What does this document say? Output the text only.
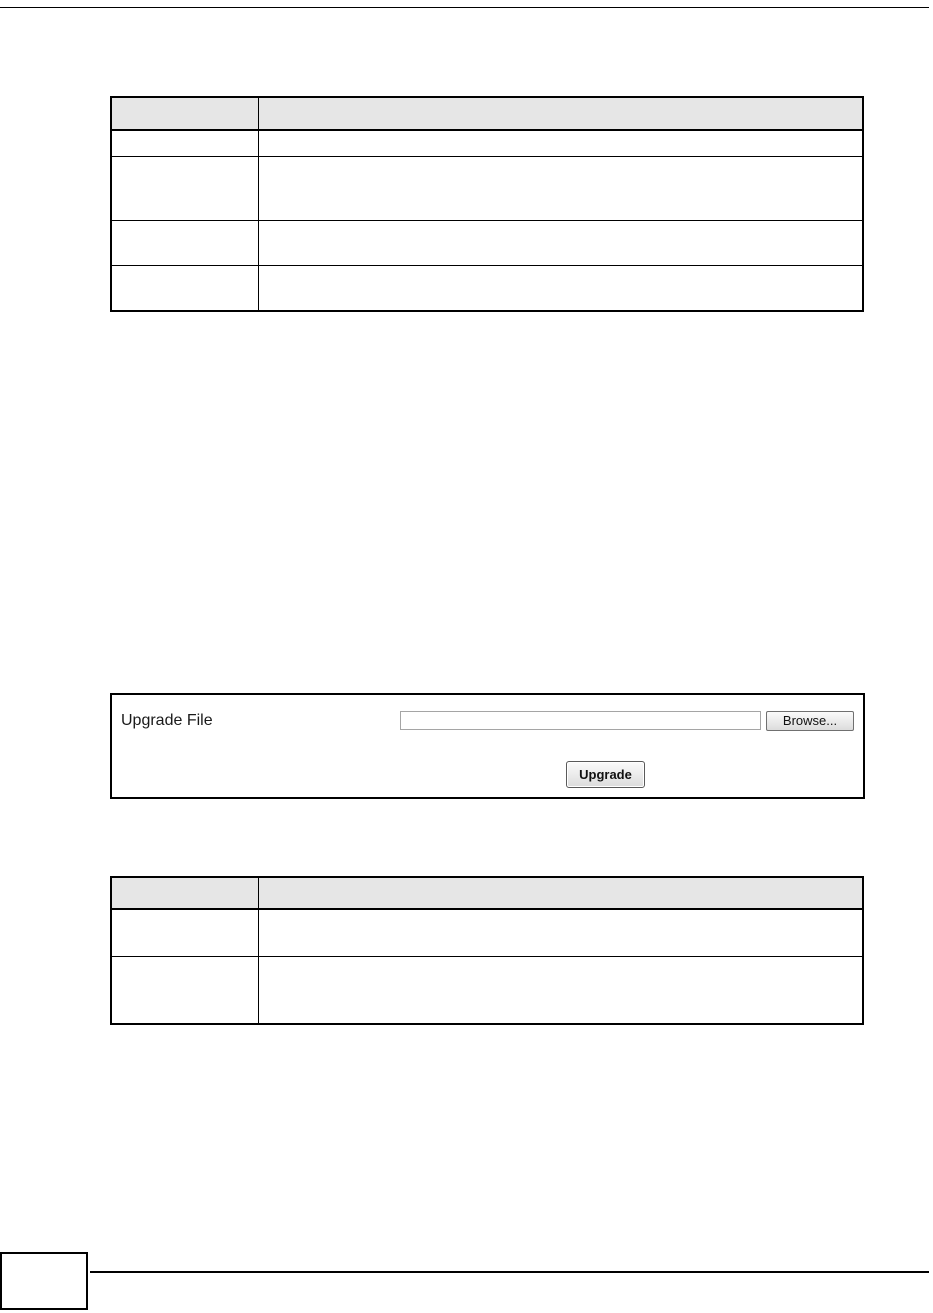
Upgrade File	Browse...
Upgrade
